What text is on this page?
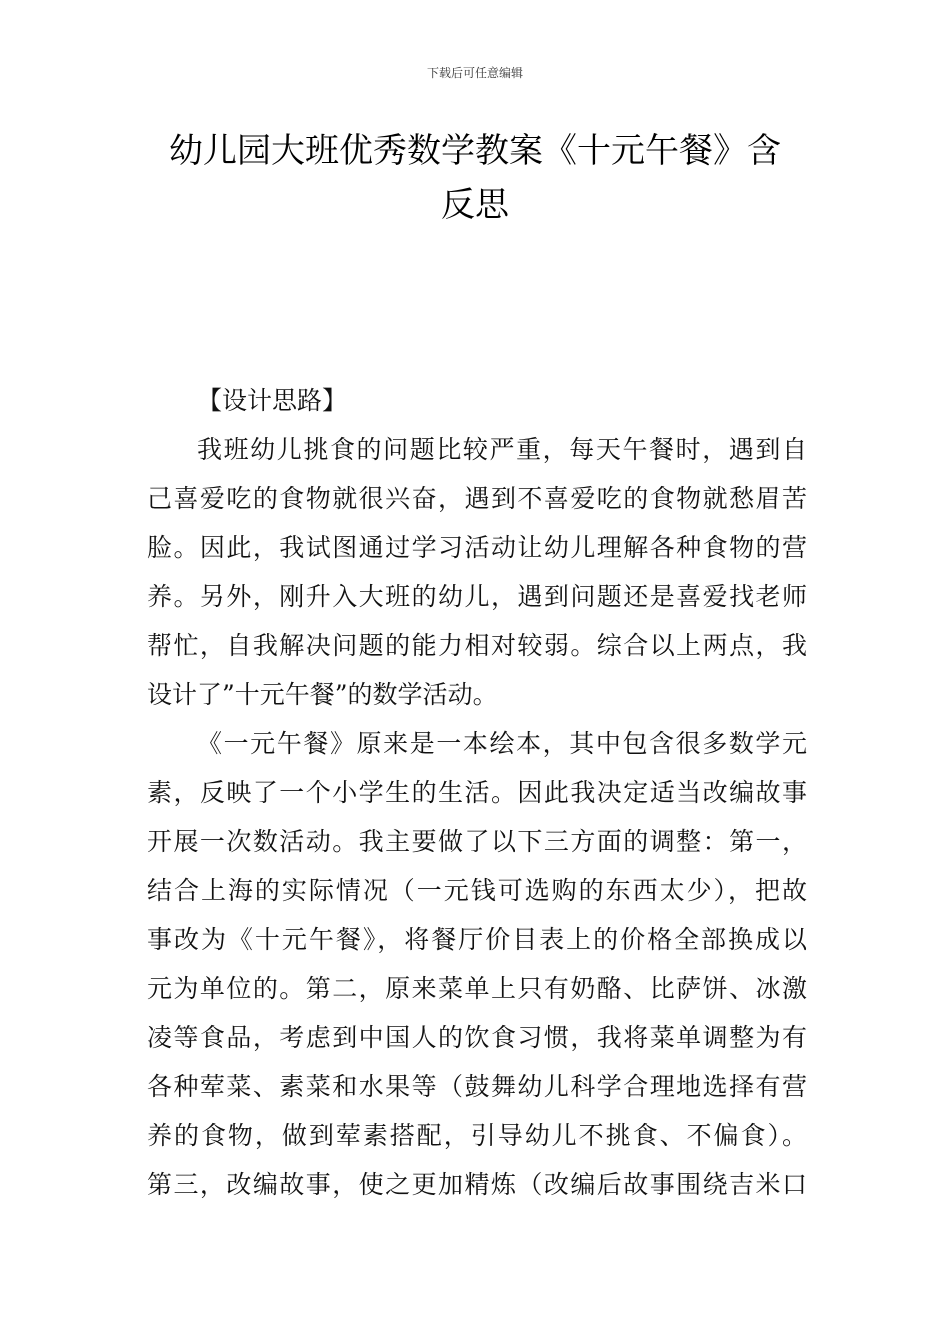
下载后可任意编辑
幼儿园大班优秀数学教案《十元午餐》含
反思
【设计思路】
我班幼儿挑食的问题比较严重，每天午餐时，遇到自
己喜爱吃的食物就很兴奋，遇到不喜爱吃的食物就愁眉苦
脸。因此，我试图通过学习活动让幼儿理解各种食物的营
养。另外，刚升入大班的幼儿，遇到问题还是喜爱找老师
帮忙，自我解决问题的能力相对较弱。综合以上两点，我
设计了”十元午餐”的数学活动。
《一元午餐》原来是一本绘本，其中包含很多数学元
素，反映了一个小学生的生活。因此我决定适当改编故事
开展一次数活动。我主要做了以下三方面的调整：第一，
结合上海的实际情况（一元钱可选购的东西太少），把故
事改为《十元午餐》，将餐厅价目表上的价格全部换成以
元为单位的。第二，原来菜单上只有奶酪、比萨饼、冰激
凌等食品，考虑到中国人的饮食习惯，我将菜单调整为有
各种荤菜、素菜和水果等（鼓舞幼儿科学合理地选择有营
养的食物，做到荤素搭配，引导幼儿不挑食、不偏食）。
第三，改编故事，使之更加精炼（改编后故事围绕吉米口
